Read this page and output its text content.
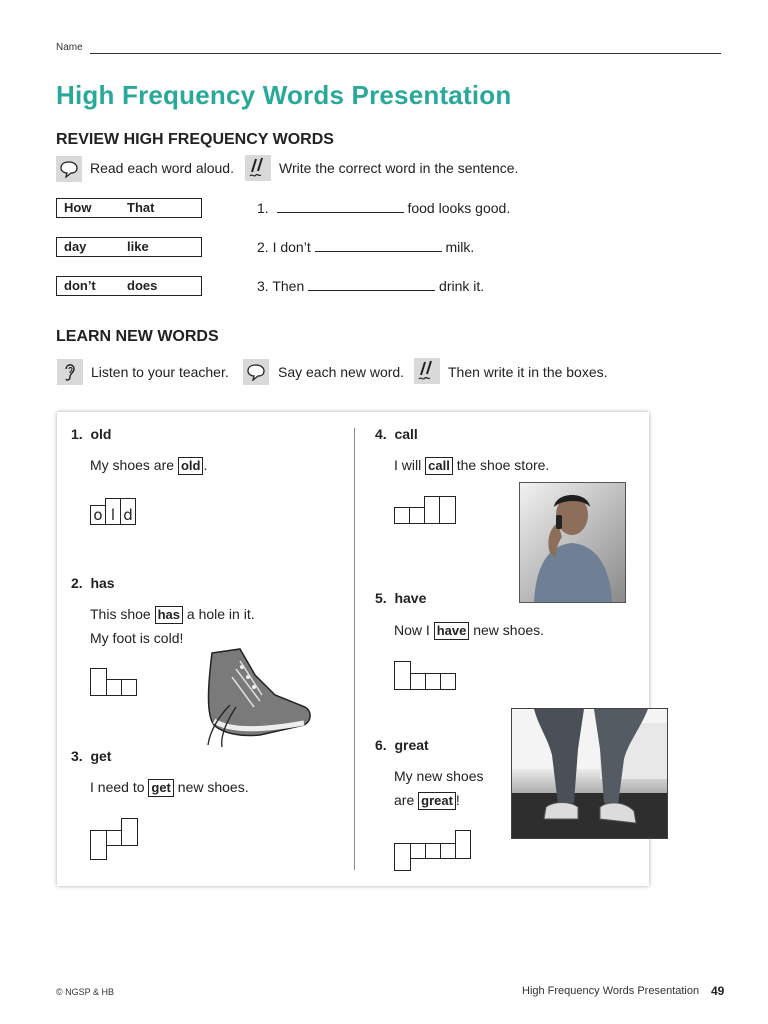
Name
High Frequency Words Presentation
REVIEW HIGH FREQUENCY WORDS
Read each word aloud.	Write the correct word in the sentence.
How	That
day	like
don’t does
1.	food looks good.
2. I don’t	milk.
3. Then	drink it.
LEARN NEW WORDS
Listen to your teacher.	Say each new word.	Then write it in the boxes.
1. old
My shoes are old .
o l d
2. has
This shoe has a hole in it.
My foot is cold!
3. get
I need to get new shoes.
4. call
I will call the shoe store.
5. have
Now I have new shoes.
6. great
My new shoes
are great !
© NGSP & HB	High Frequency Words Presentation 49
